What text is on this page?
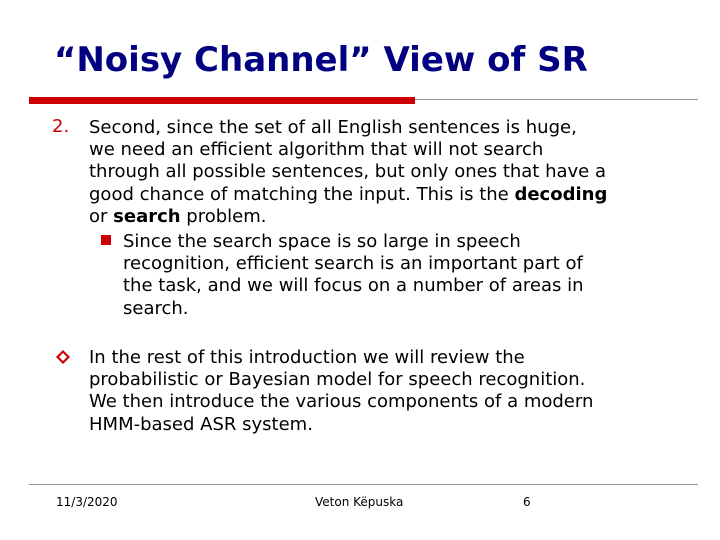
“Noisy Channel” View of SR
2. Second, since the set of all English sentences is huge,
we need an efficient algorithm that will not search
through all possible sentences, but only ones that have a
good chance of matching the input. This is the decoding
or search problem.
Since the search space is so large in speech
recognition, efficient search is an important part of
the task, and we will focus on a number of areas in
search.
In the rest of this introduction we will review the
probabilistic or Bayesian model for speech recognition.
We then introduce the various components of a modern
HMM-based ASR system.
11/3/2020	Veton Këpuska	6
